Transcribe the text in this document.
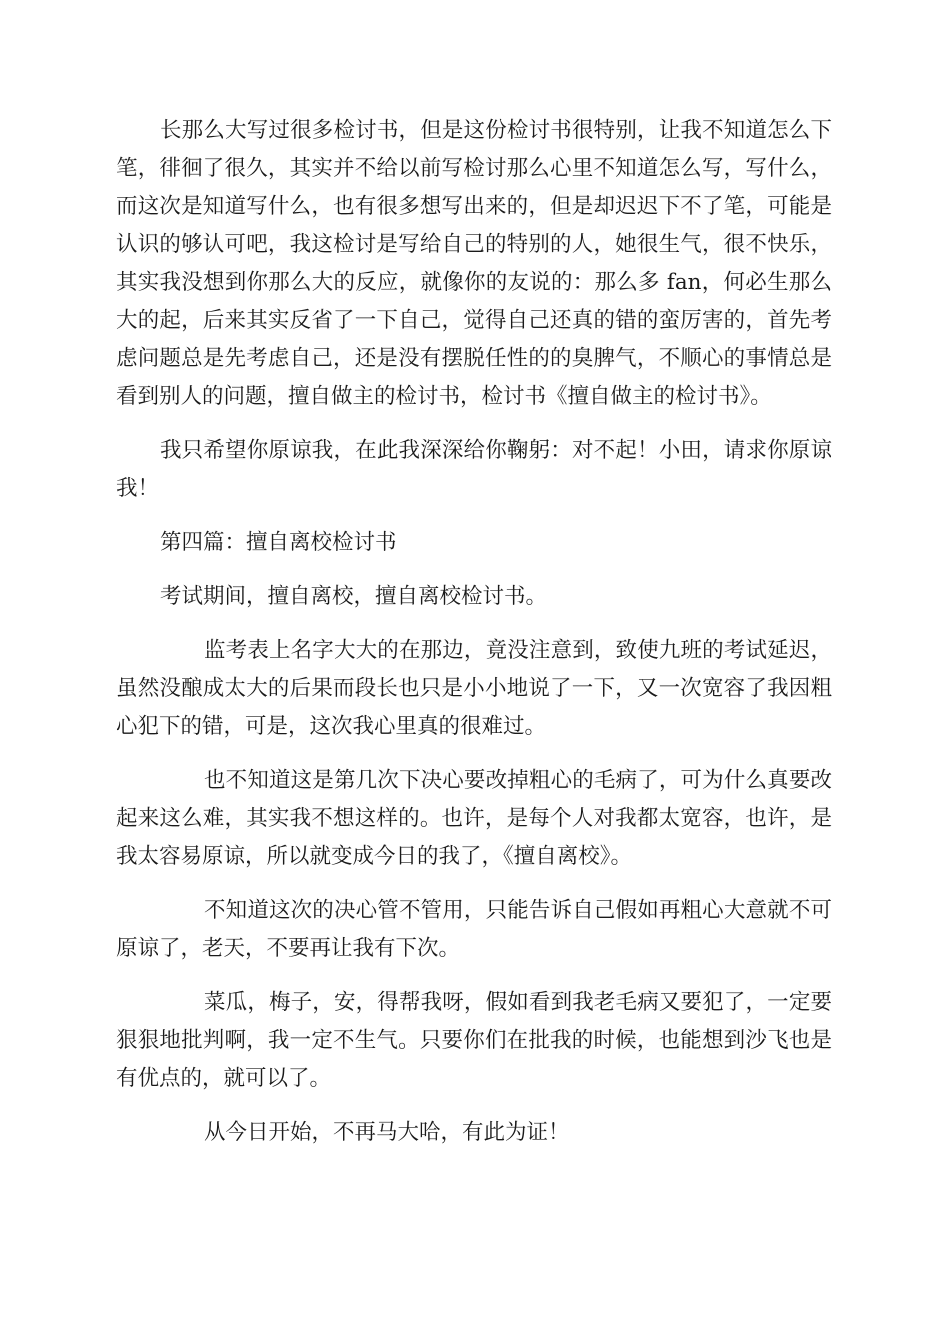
长那么大写过很多检讨书，但是这份检讨书很特别，让我不知道怎么下笔，徘徊了很久，其实并不给以前写检讨那么心里不知道怎么写，写什么，而这次是知道写什么，也有很多想写出来的，但是却迟迟下不了笔，可能是认识的够认可吧，我这检讨是写给自己的特别的人，她很生气，很不快乐，其实我没想到你那么大的反应，就像你的友说的：那么多 fan，何必生那么大的起，后来其实反省了一下自己，觉得自己还真的错的蛮厉害的，首先考虑问题总是先考虑自己，还是没有摆脱任性的的臭脾气，不顺心的事情总是看到别人的问题，擅自做主的检讨书，检讨书《擅自做主的检讨书》。

我只希望你原谅我，在此我深深给你鞠躬：对不起！小田，请求你原谅我！

第四篇：擅自离校检讨书

考试期间，擅自离校，擅自离校检讨书。

监考表上名字大大的在那边，竟没注意到，致使九班的考试延迟，虽然没酿成太大的后果而段长也只是小小地说了一下，又一次宽容了我因粗心犯下的错，可是，这次我心里真的很难过。

也不知道这是第几次下决心要改掉粗心的毛病了，可为什么真要改起来这么难，其实我不想这样的。也许，是每个人对我都太宽容，也许，是我太容易原谅，所以就变成今日的我了，《擅自离校》。

不知道这次的决心管不管用，只能告诉自己假如再粗心大意就不可原谅了，老天，不要再让我有下次。

菜瓜，梅子，安，得帮我呀，假如看到我老毛病又要犯了，一定要狠狠地批判啊，我一定不生气。只要你们在批我的时候，也能想到沙飞也是有优点的，就可以了。

从今日开始，不再马大哈，有此为证！
